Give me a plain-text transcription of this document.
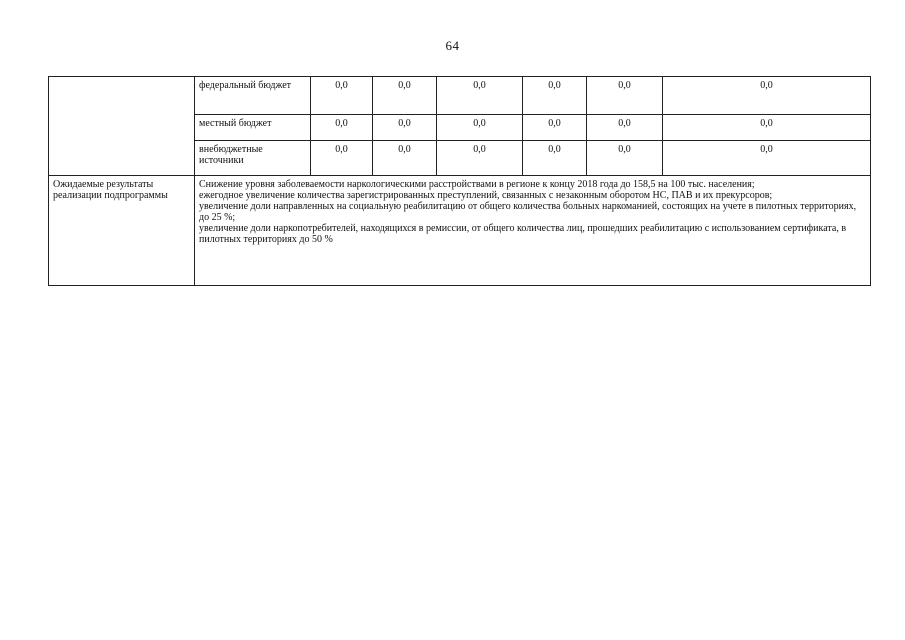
64
	федеральный бюджет	0,0	0,0	0,0	0,0	0,0	0,0
	местный бюджет	0,0	0,0	0,0	0,0	0,0	0,0
	внебюджетные источники	0,0	0,0	0,0	0,0	0,0	0,0
Ожидаемые результаты реализации подпрограммы	Снижение уровня заболеваемости наркологическими расстройствами в регионе к концу 2018 года до 158,5 на 100 тыс. населения;
ежегодное увеличение количества зарегистрированных преступлений, связанных с незаконным оборотом НС, ПАВ и их прекурсоров;
увеличение доли направленных на социальную реабилитацию от общего количества больных наркоманией, состоящих на учете в пилотных территориях, до 25 %;
увеличение доли наркопотребителей, находящихся в ремиссии, от общего количества лиц, прошедших реабилитацию с использованием сертификата, в пилотных территориях до 50 %						
